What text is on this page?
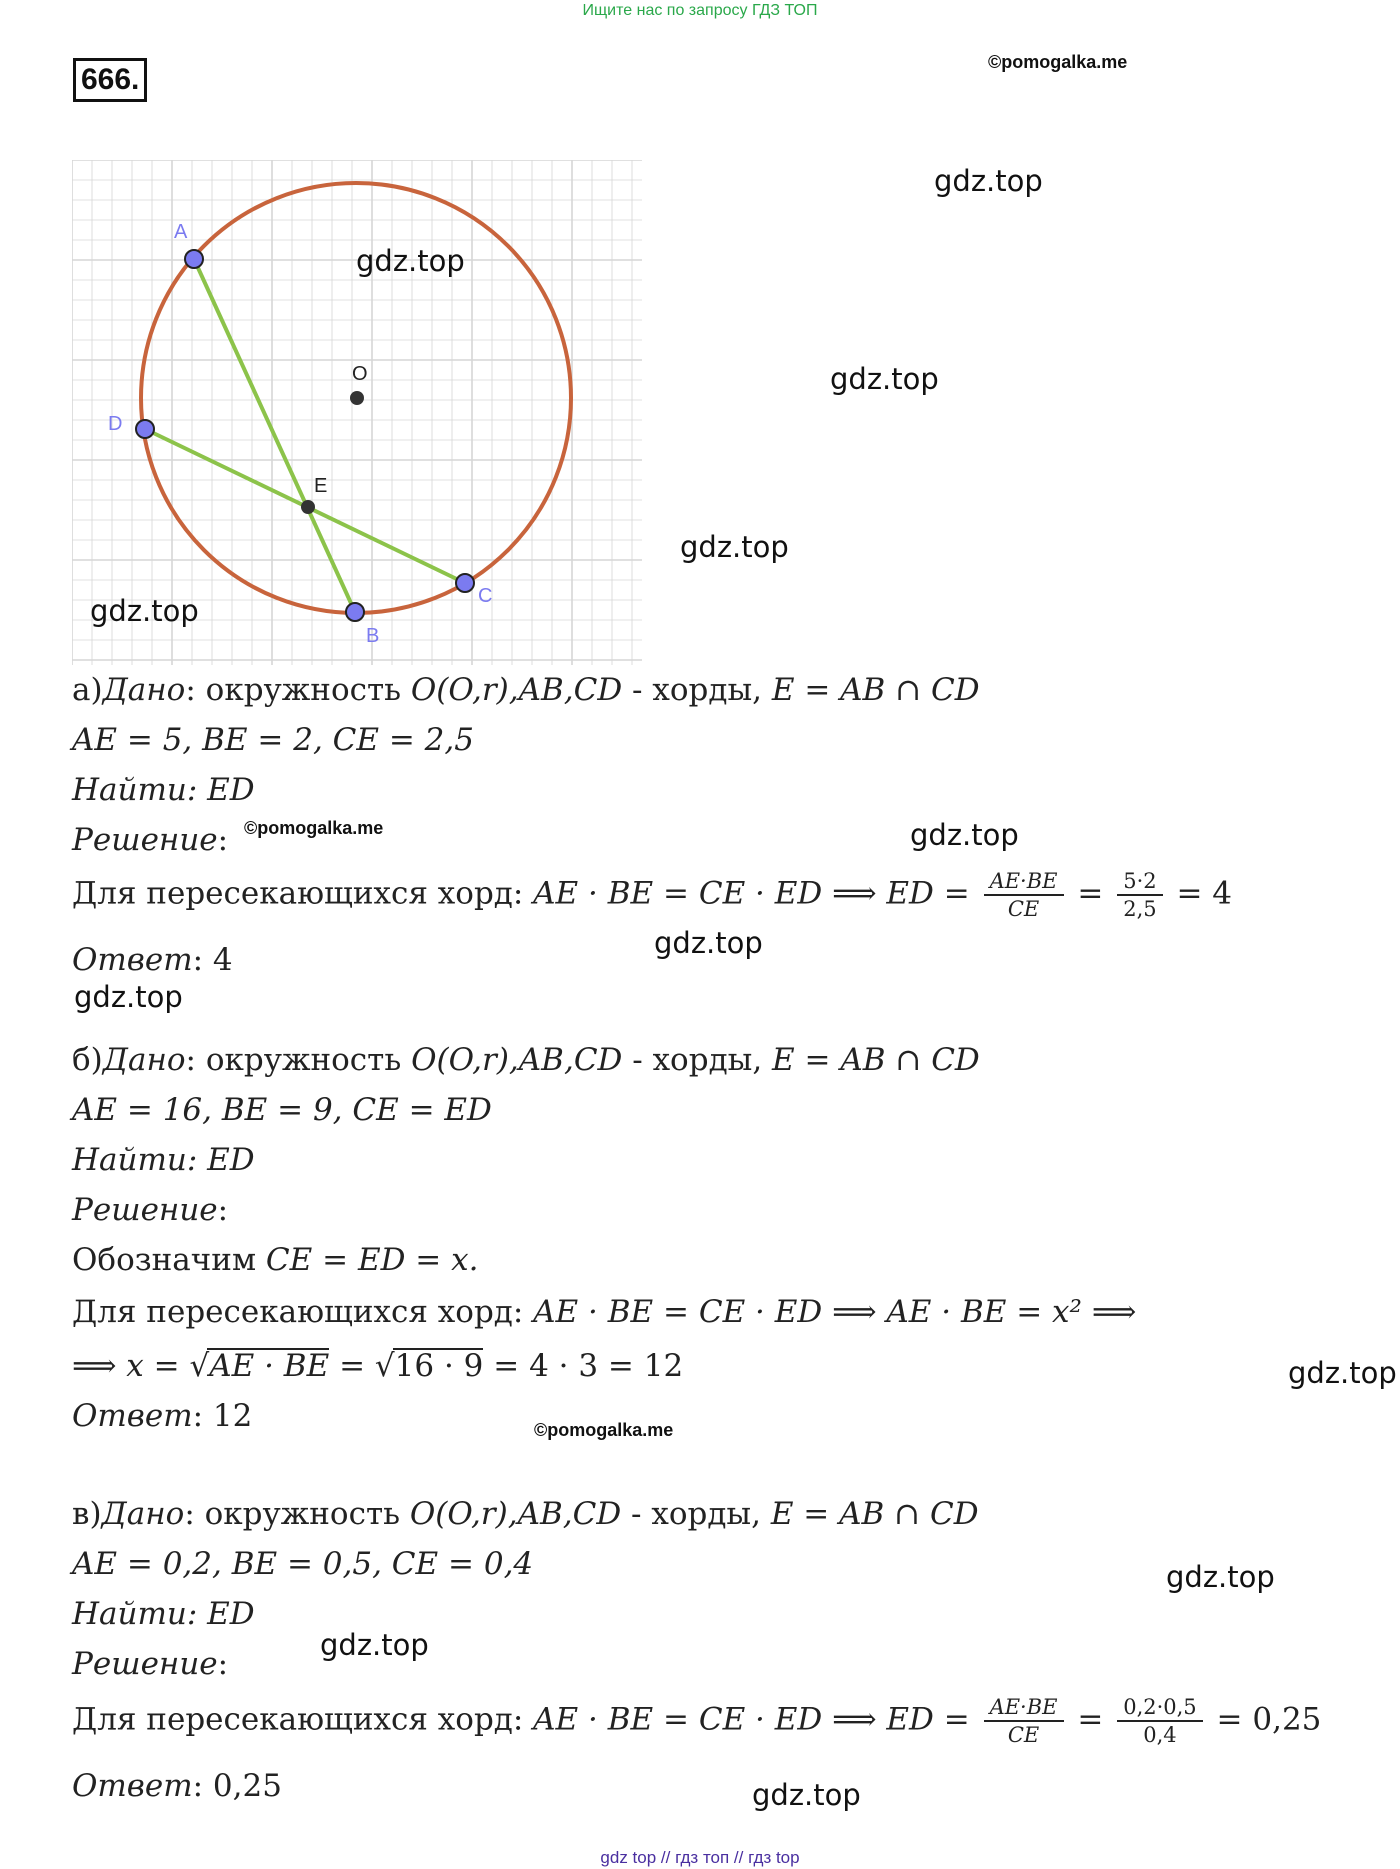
Ищите нас по запросу ГДЗ ТОП
666.
©pomogalka.me
A
B
C
D
E
O
gdz.top
gdz.top
gdz.top
gdz.top
gdz.top
gdz.top
gdz.top
gdz.top
gdz.top
gdz.top
gdz.top
gdz.top
а)Дано: окружность O(O,r),AB,CD - хорды, E = AB ∩ CD
AE = 5, BE = 2, CE = 2,5
Найти: ED
Решение: ©pomogalka.me
Для пересекающихся хорд: AE · BE = CE · ED ⟹ ED = $\frac{AE\cdot BE}{CE} = \frac{5\cdot 2}{2,5} = 4$
Ответ: 4
б)Дано: окружность O(O,r),AB,CD - хорды, E = AB ∩ CD
AE = 16, BE = 9, CE = ED
Найти: ED
Решение:
Обозначим CE = ED = x.
Для пересекающихся хорд: AE · BE = CE · ED ⟹ AE · BE = x² ⟹
⟹ x = √AE · BE = √16 · 9 = 4 · 3 = 12
Ответ: 12	©pomogalka.me
в)Дано: окружность O(O,r),AB,CD - хорды, E = AB ∩ CD
AE = 0,2, BE = 0,5, CE = 0,4
Найти: ED
Решение:
Для пересекающихся хорд: AE · BE = CE · ED ⟹ ED = $\frac{AE\cdot BE}{CE} = \frac{0,2\cdot 0,5}{0,4} = 0,25$
Ответ: 0,25
gdz top // гдз топ // гдз top
